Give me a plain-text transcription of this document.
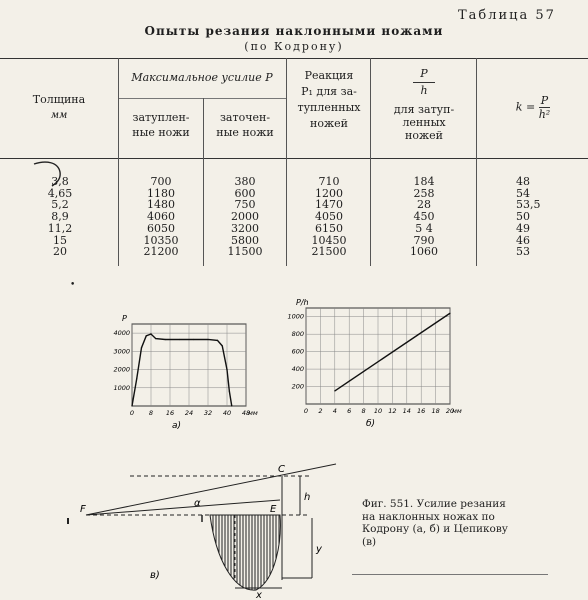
Таблица 57
Опыты резания наклонными ножами
(по Кодрону)
Толщина
мм
Максимальное усилие P
затуплен-
ные ножи
заточен-
ные ножи
Реакция
P₁ для за-
тупленных
ножей
P
h
для затуп-
ленных
ножей
$k = \frac{P}{\text{h²}}$
3,8
4,65
5,2
8,9
11,2
15
20
700
1180
1480
4060
6050
10350
21200
380
600
750
2000
3200
5800
11500
710
1200
1470
4050
6150
10450
21500
184
258
28
450
5 4
790
1060
48
54
53,5
50
49
46
53
•
0 8 16 24 32 40 48
4000
3000
2000
1000
P
мм
а)
0 2 4 6 8 10 12 14 16 18 20
1000
800
600
400
200
P/h
мм
б)
F
C
E
α
h
y
x
в)
Фиг. 551. Усилие резания на наклонных ножах по Кодрону (а, б) и Цепикову (в)
